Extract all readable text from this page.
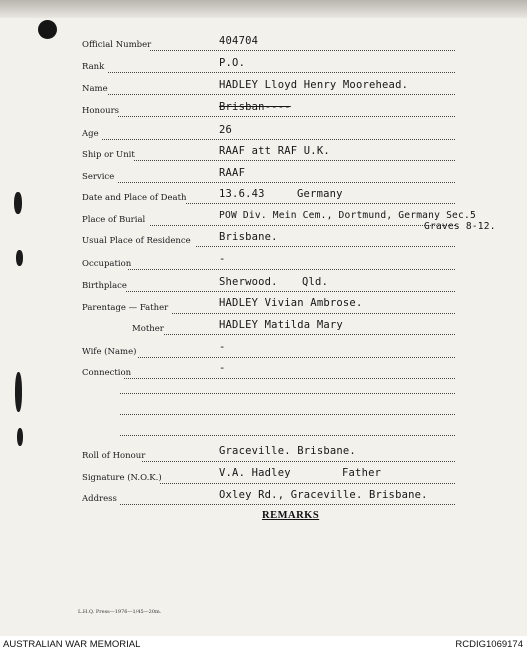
Official Number	404704
Rank	P.O.
Name	HADLEY Lloyd Henry Moorehead.
Honours	Brisban----
Age	26
Ship or Unit	RAAF att RAF U.K.
Service	RAAF
Date and Place of Death	13.6.43	Germany
Place of Burial	POW Div. Mein Cem., Dortmund, Germany Sec.5
Graves 8-12.
Usual Place of Residence	Brisbane.
Occupation	-
Birthplace	Sherwood. Qld.
Parentage — Father	HADLEY Vivian Ambrose.
Mother	HADLEY Matilda Mary
Wife (Name)	-
Connection	-
Roll of Honour	Graceville. Brisbane.
Signature (N.O.K.)	V.A. Hadley	Father
Address	Oxley Rd., Graceville. Brisbane.
REMARKS
L.H.Q. Press—1976—1/45—20m.
AUSTRALIAN WAR MEMORIAL	RCDIG1069174
